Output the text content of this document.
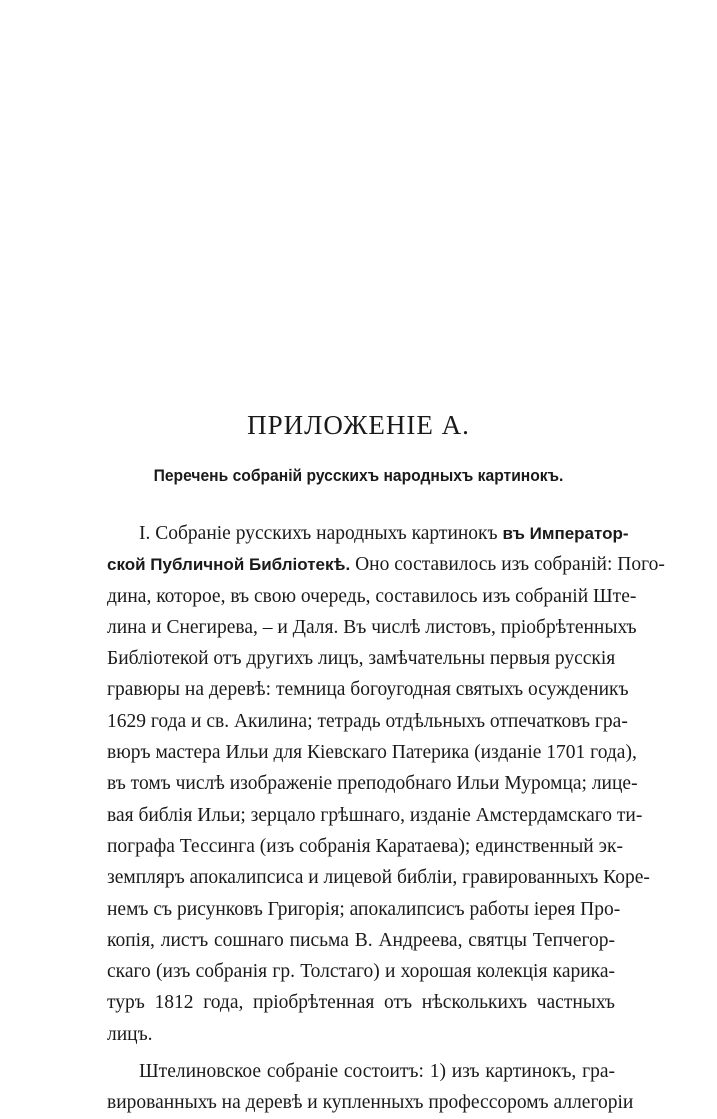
ПРИЛОЖЕНІЕ А.
Перечень собраній русскихъ народныхъ картинокъ.
I. Собраніе русскихъ народныхъ картинокъ въ Император-
ской Публичной Библіотекѣ. Оно составилось изъ собраній: Пого-
дина, которое, въ свою очередь, составилось изъ собраній Ште-
лина и Снегирева, – и Даля. Въ числѣ листовъ, пріобрѣтенныхъ
Библіотекой отъ другихъ лицъ, замѣчательны первыя русскія
гравюры на деревѣ: темница богоугодная святыхъ осужденикъ
1629 года и св. Акилина; тетрадь отдѣльныхъ отпечатковъ гра-
вюръ мастера Ильи для Кіевскаго Патерика (изданіе 1701 года),
въ томъ числѣ изображеніе преподобнаго Ильи Муромца; лице-
вая библія Ильи; зерцало грѣшнаго, изданіе Амстердамскаго ти-
пографа Тессинга (изъ собранія Каратаева); единственный эк-
земпляръ апокалипсиса и лицевой библіи, гравированныхъ Коре-
немъ съ рисунковъ Григорія; апокалипсисъ работы іерея Про-
копія, листъ сошнаго письма В. Андреева, святцы Тепчегор-
скаго (изъ собранія гр. Толстаго) и хорошая колекція карика-
туръ 1812 года, пріобрѣтенная отъ нѣсколькихъ частныхъ
лицъ.
Штелиновское собраніе состоитъ: 1) изъ картинокъ, гра-
вированныхъ на деревѣ и купленныхъ профессоромъ аллегоріи
